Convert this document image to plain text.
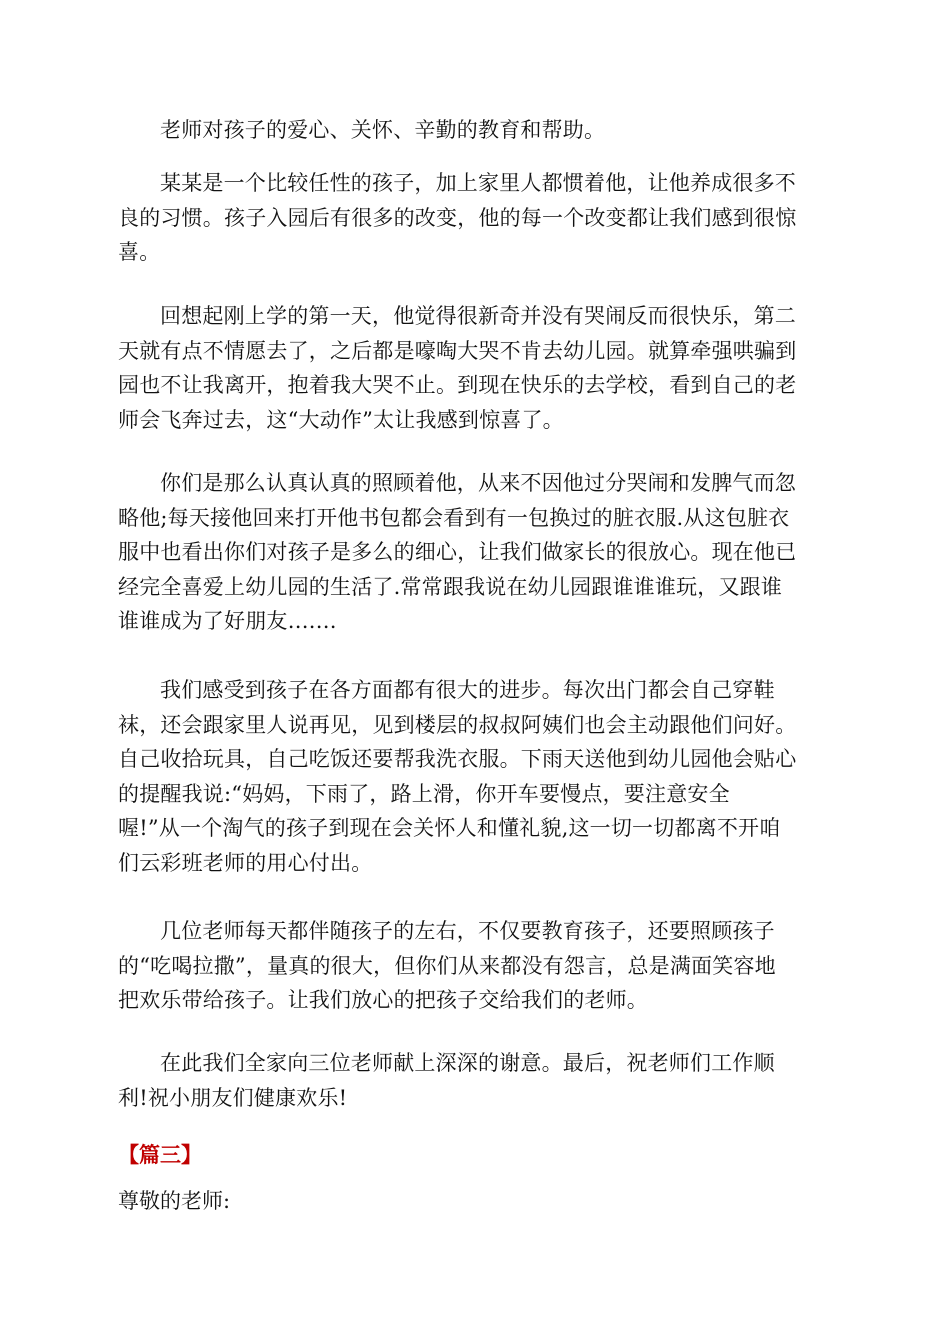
老师对孩子的爱心、关怀、辛勤的教育和帮助。

某某是一个比较任性的孩子，加上家里人都惯着他，让他养成很多不
良的习惯。孩子入园后有很多的改变，他的每一个改变都让我们感到很惊
喜。

回想起刚上学的第一天，他觉得很新奇并没有哭闹反而很快乐，第二
天就有点不情愿去了，之后都是嚎啕大哭不肯去幼儿园。就算牵强哄骗到
园也不让我离开，抱着我大哭不止。到现在快乐的去学校，看到自己的老
师会飞奔过去，这“大动作”太让我感到惊喜了。

你们是那么认真认真的照顾着他，从来不因他过分哭闹和发脾气而忽
略他;每天接他回来打开他书包都会看到有一包换过的脏衣服.从这包脏衣
服中也看出你们对孩子是多么的细心，让我们做家长的很放心。现在他已
经完全喜爱上幼儿园的生活了.常常跟我说在幼儿园跟谁谁谁玩，又跟谁
谁谁成为了好朋友….…

我们感受到孩子在各方面都有很大的进步。每次出门都会自己穿鞋
袜，还会跟家里人说再见，见到楼层的叔叔阿姨们也会主动跟他们问好。
自己收拾玩具，自己吃饭还要帮我洗衣服。下雨天送他到幼儿园他会贴心
的提醒我说:“妈妈，下雨了，路上滑，你开车要慢点，要注意安全
喔!”从一个淘气的孩子到现在会关怀人和懂礼貌,这一切一切都离不开咱
们云彩班老师的用心付出。

几位老师每天都伴随孩子的左右，不仅要教育孩子，还要照顾孩子
的“吃喝拉撒”，量真的很大，但你们从来都没有怨言，总是满面笑容地
把欢乐带给孩子。让我们放心的把孩子交给我们的老师。

在此我们全家向三位老师献上深深的谢意。最后，祝老师们工作顺
利!祝小朋友们健康欢乐!

【篇三】

尊敬的老师:
